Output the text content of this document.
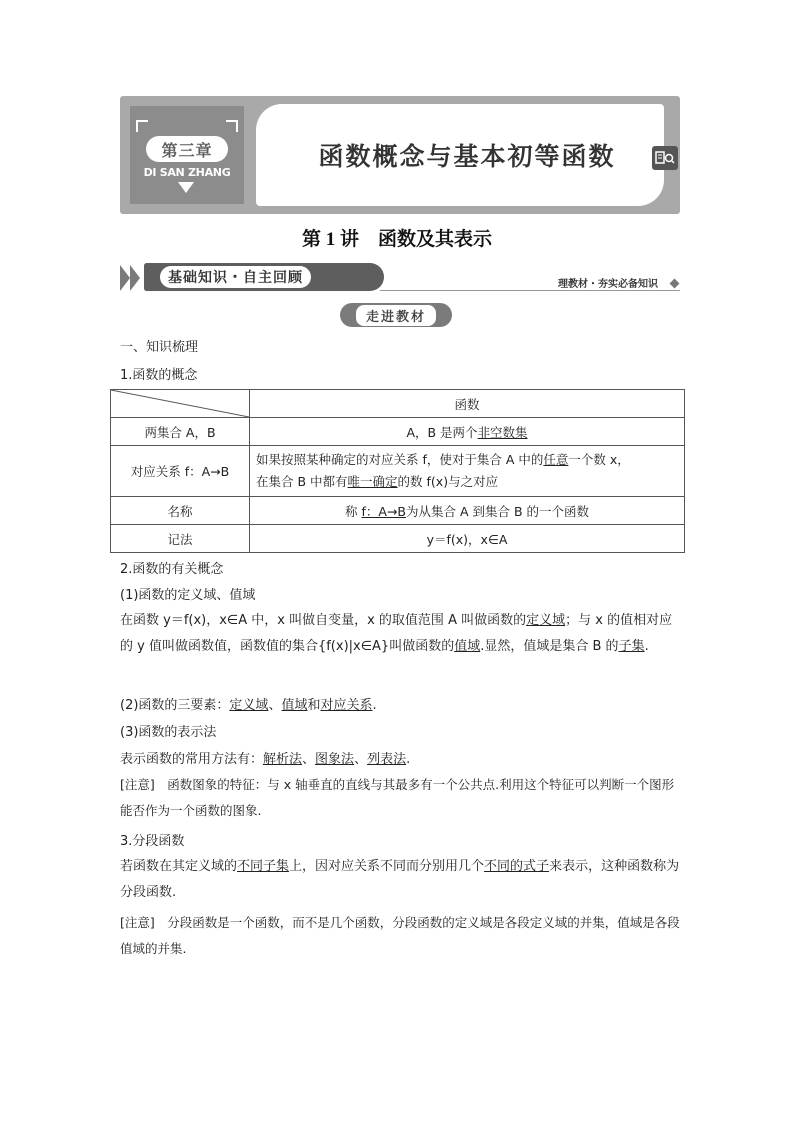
第三章
DI SAN ZHANG
函数概念与基本初等函数
第 1 讲　函数及其表示
基础知识・自主回顾	理教材・夯实必备知识
走进教材
一、知识梳理
1.函数的概念
	函数
两集合 A，B	A，B 是两个非空数集
对应关系 f：A→B	如果按照某种确定的对应关系 f，使对于集合 A 中的任意一个数 x，
在集合 B 中都有唯一确定的数 f(x)与之对应
名称	称 f：A→B为从集合 A 到集合 B 的一个函数
记法	y＝f(x)，x∈A
2.函数的有关概念
(1)函数的定义域、值域
在函数 y＝f(x)，x∈A 中，x 叫做自变量，x 的取值范围 A 叫做函数的定义域；与 x 的值相对应的 y 值叫做函数值，函数值的集合{f(x)|x∈A}叫做函数的值域.显然，值域是集合 B 的子集.
(2)函数的三要素：定义域、值域和对应关系.
(3)函数的表示法
表示函数的常用方法有：解析法、图象法、列表法.
[注意]　函数图象的特征：与 x 轴垂直的直线与其最多有一个公共点.利用这个特征可以判断一个图形能否作为一个函数的图象.
3.分段函数
若函数在其定义域的不同子集上，因对应关系不同而分别用几个不同的式子来表示，这种函数称为分段函数.
[注意]　分段函数是一个函数，而不是几个函数，分段函数的定义域是各段定义域的并集，值域是各段值域的并集.
